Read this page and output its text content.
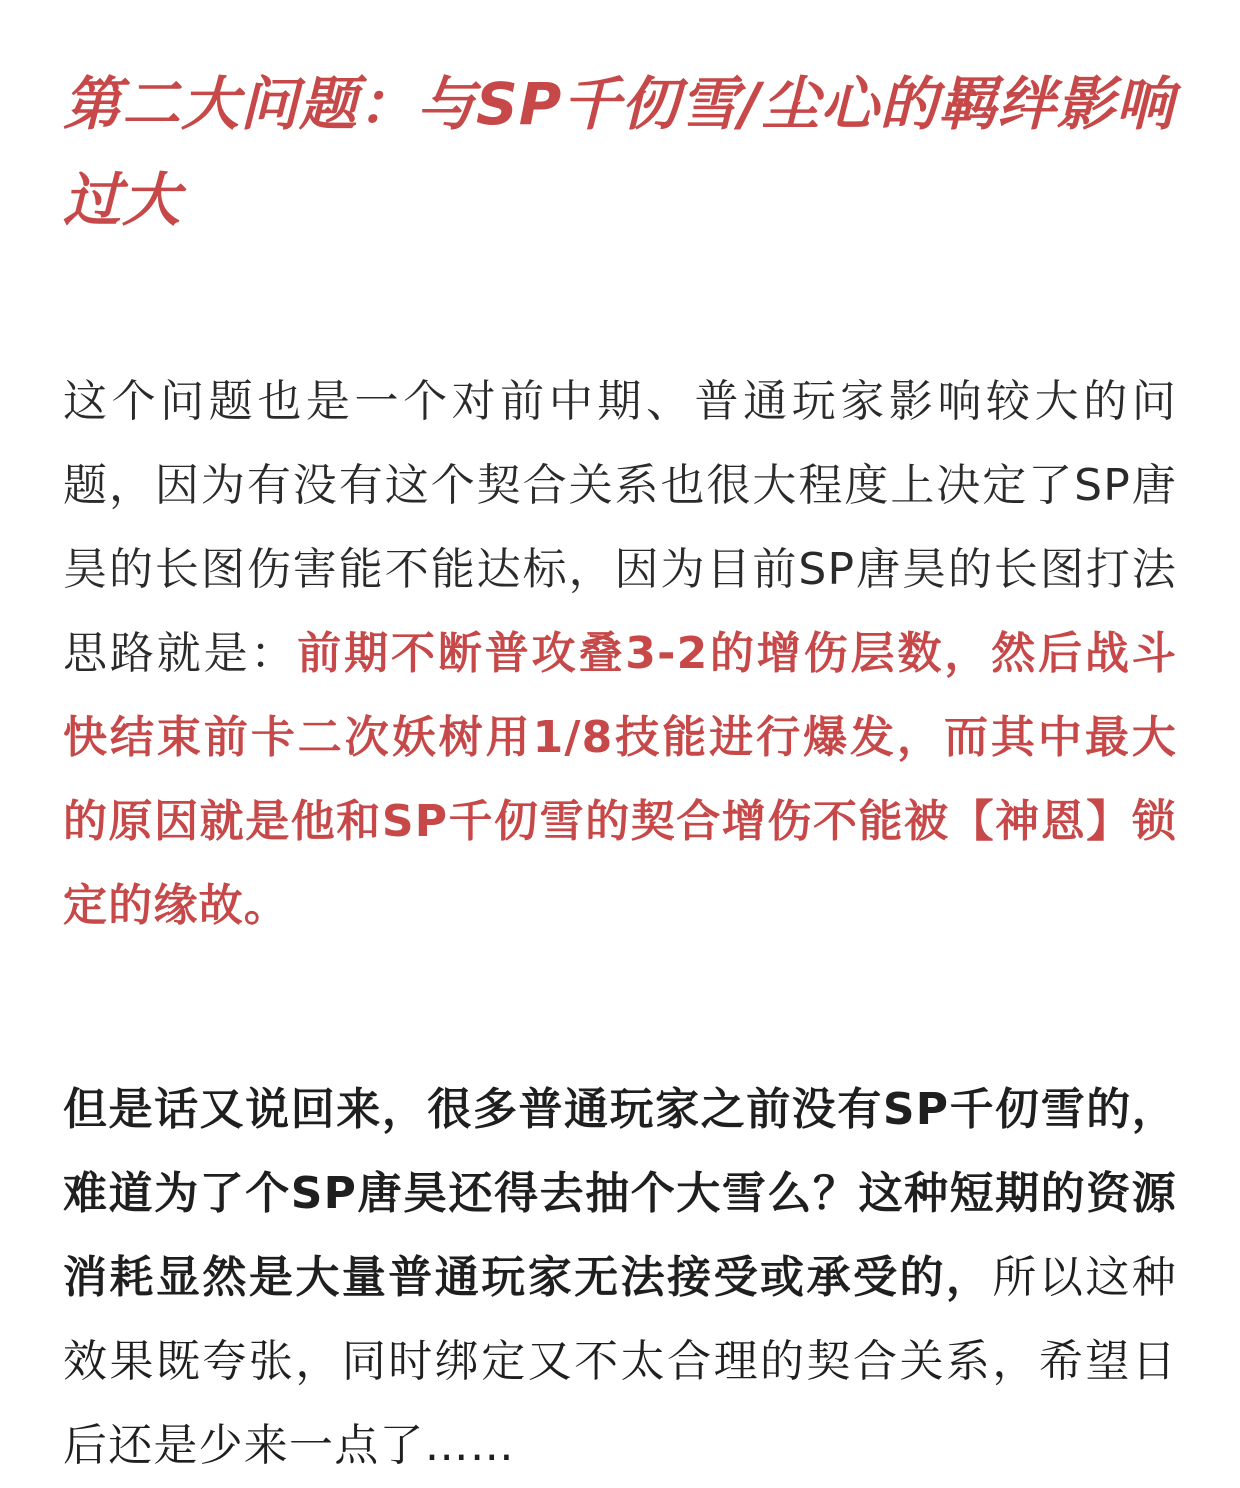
第二大问题：与SP千仞雪/尘心的羁绊影响过大

这个问题也是一个对前中期、普通玩家影响较大的问题，因为有没有这个契合关系也很大程度上决定了SP唐昊的长图伤害能不能达标，因为目前SP唐昊的长图打法思路就是：前期不断普攻叠3-2的增伤层数，然后战斗快结束前卡二次妖树用1/8技能进行爆发，而其中最大的原因就是他和SP千仞雪的契合增伤不能被【神恩】锁定的缘故。

但是话又说回来，很多普通玩家之前没有SP千仞雪的，难道为了个SP唐昊还得去抽个大雪么？这种短期的资源消耗显然是大量普通玩家无法接受或承受的，所以这种效果既夸张，同时绑定又不太合理的契合关系，希望日后还是少来一点了……
